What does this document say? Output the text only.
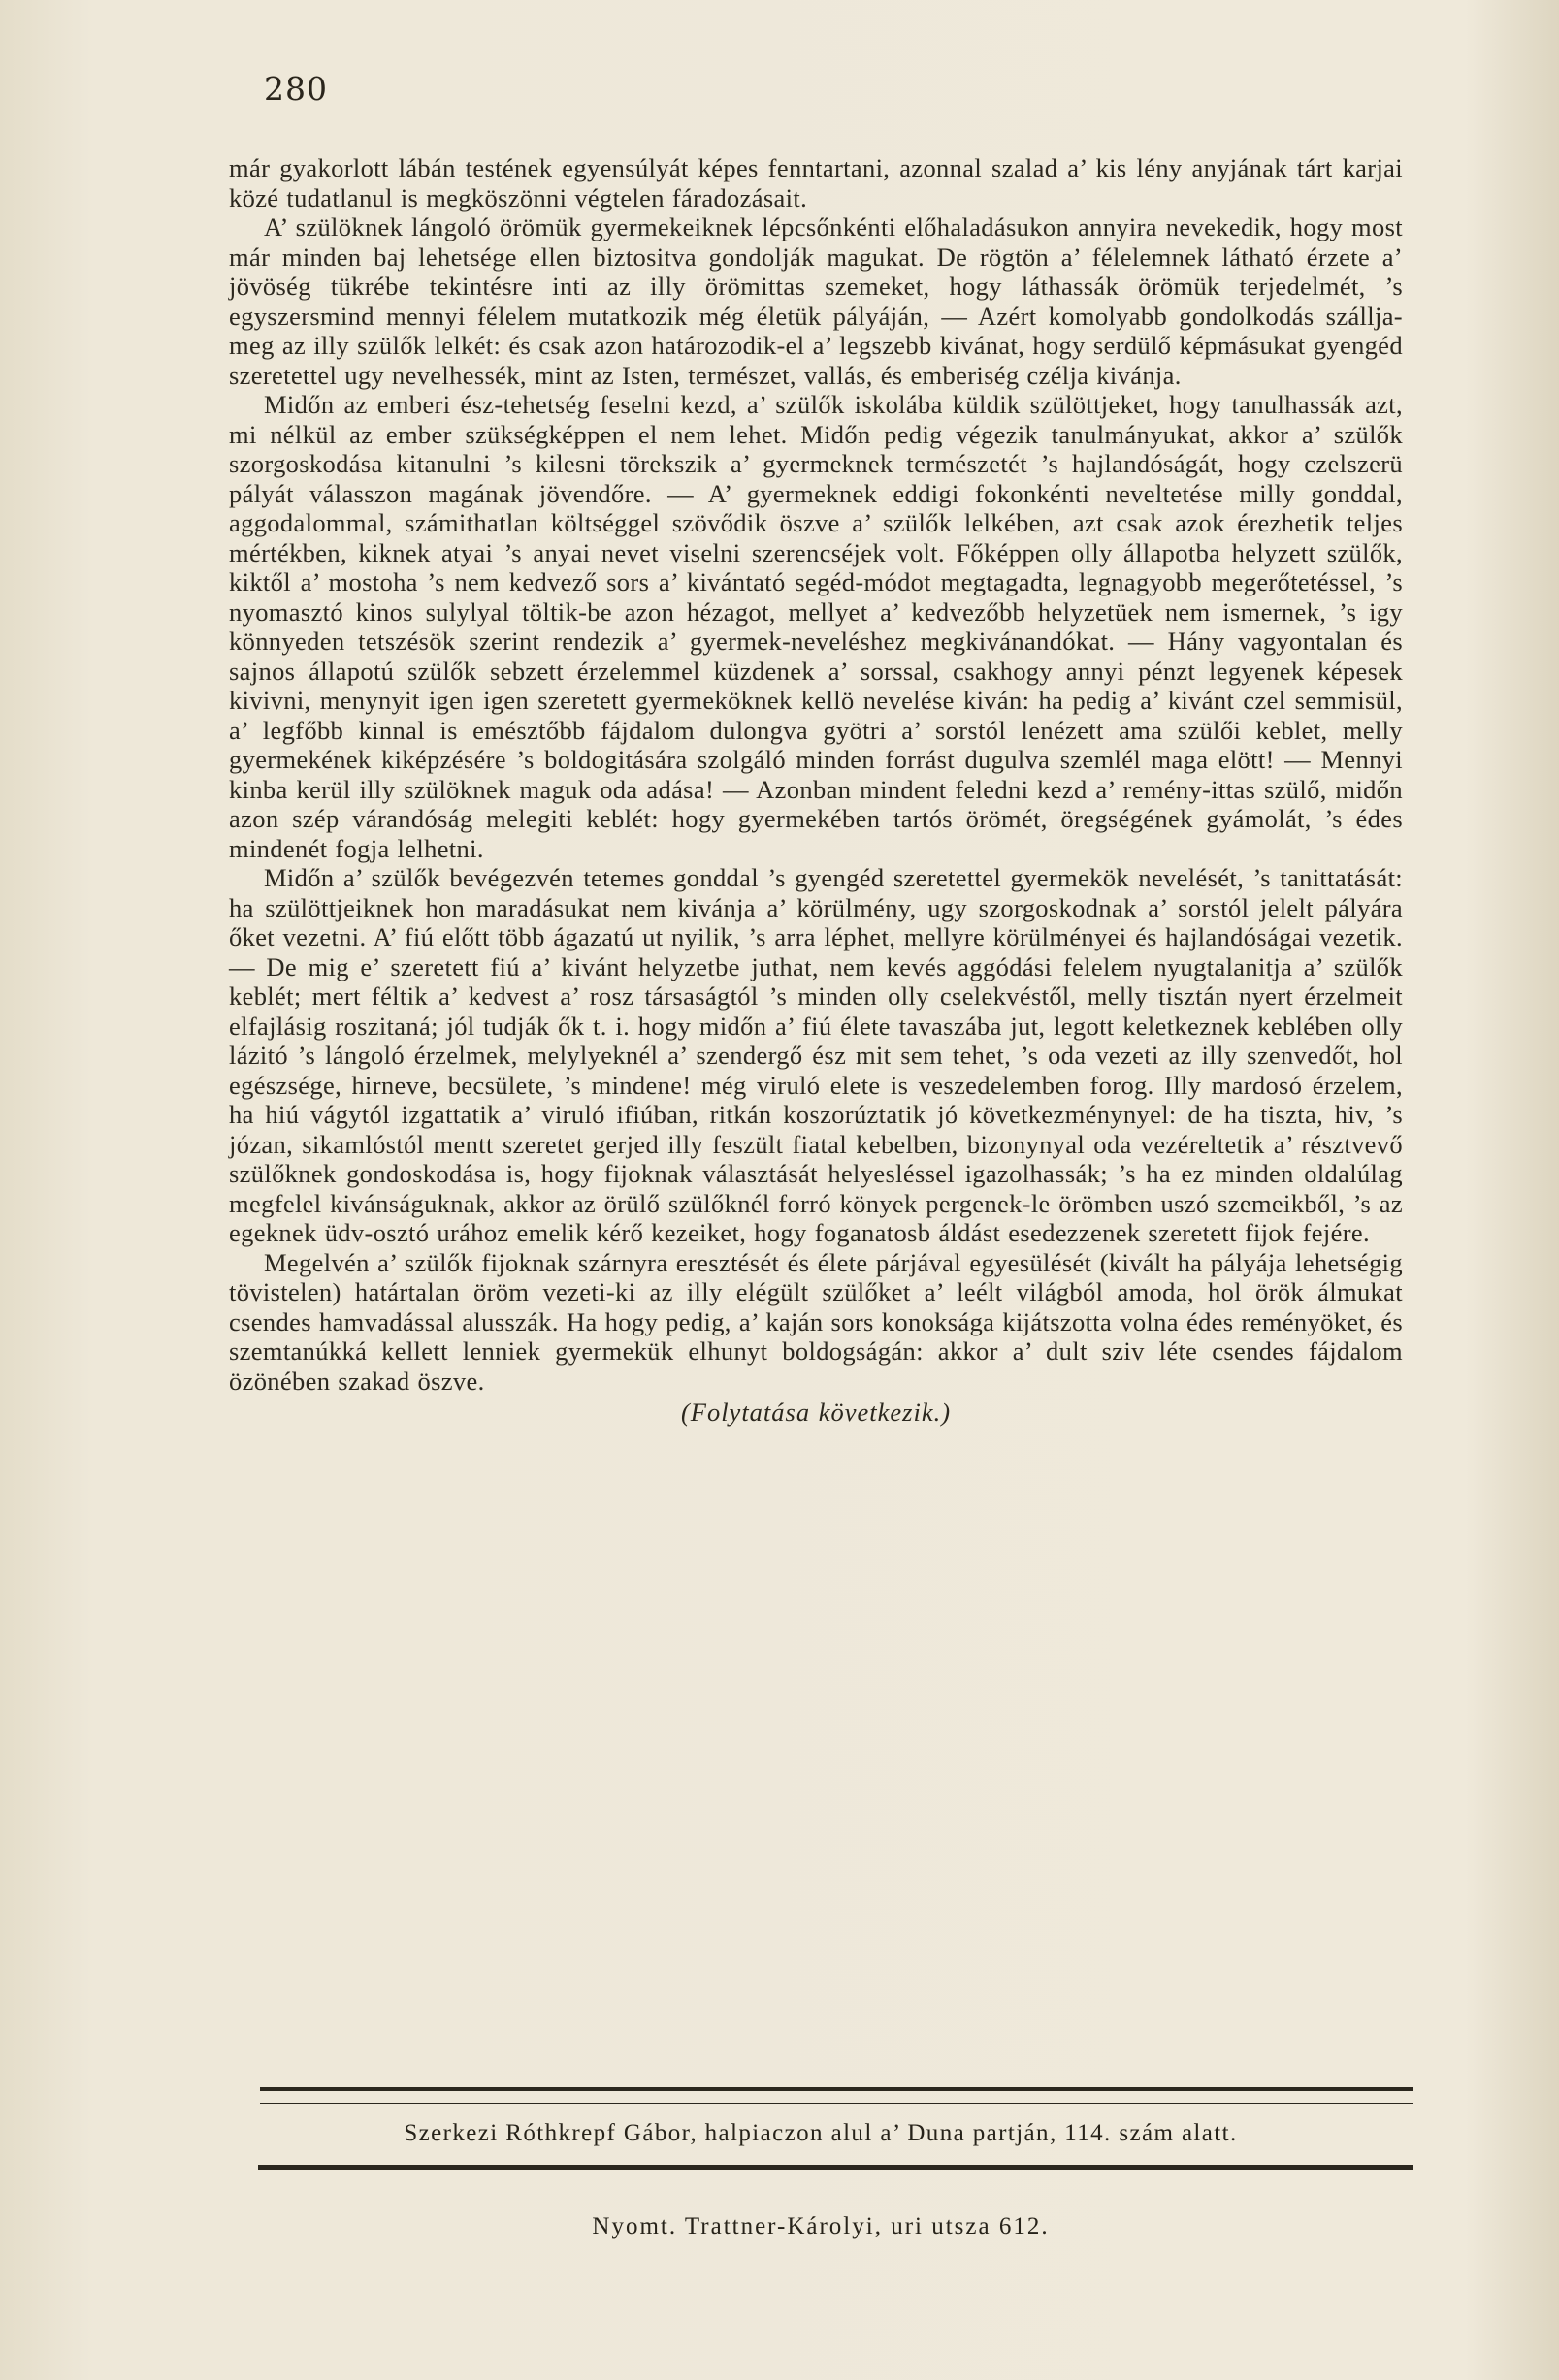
280

már gyakorlott lábán testének egyensúlyát képes fenntartani, azonnal szalad a’ kis lény anyjának tárt karjai közé tudatlanul is megköszönni végtelen fáradozásait.

A’ szülöknek lángoló örömük gyermekeiknek lépcsőnkénti előhaladásukon annyira nevekedik, hogy most már minden baj lehetsége ellen biztositva gondolják magukat. De rögtön a’ félelemnek látható érzete a’ jövöség tükrébe tekintésre inti az illy örömittas szemeket, hogy láthassák örömük terjedelmét, ’s egyszersmind mennyi félelem mutatkozik még életük pályáján, — Azért komolyabb gondolkodás szállja-meg az illy szülők lelkét: és csak azon határozodik-el a’ legszebb kivánat, hogy serdülő képmásukat gyengéd szeretettel ugy nevelhessék, mint az Isten, természet, vallás, és emberiség czélja kivánja.

Midőn az emberi ész-tehetség feselni kezd, a’ szülők iskolába küldik szülöttjeket, hogy tanulhassák azt, mi nélkül az ember szükségképpen el nem lehet. Midőn pedig végezik tanulmányukat, akkor a’ szülők szorgoskodása kitanulni ’s kilesni törekszik a’ gyermeknek természetét ’s hajlandóságát, hogy czelszerü pályát válasszon magának jövendőre. — A’ gyermeknek eddigi fokonkénti neveltetése milly gonddal, aggodalommal, számithatlan költséggel szövődik öszve a’ szülők lelkében, azt csak azok érezhetik teljes mértékben, kiknek atyai ’s anyai nevet viselni szerencséjek volt. Főképpen olly állapotba helyzett szülők, kiktől a’ mostoha ’s nem kedvező sors a’ kivántató segéd-módot megtagadta, legnagyobb megerőtetéssel, ’s nyomasztó kinos sulylyal töltik-be azon hézagot, mellyet a’ kedvezőbb helyzetüek nem ismernek, ’s igy könnyeden tetszésök szerint rendezik a’ gyermek-neveléshez megkivánandókat. — Hány vagyontalan és sajnos állapotú szülők sebzett érzelemmel küzdenek a’ sorssal, csakhogy annyi pénzt legyenek képesek kivivni, menynyit igen igen szeretett gyermeköknek kellö nevelése kiván: ha pedig a’ kivánt czel semmisül, a’ legfőbb kinnal is emésztőbb fájdalom dulongva gyötri a’ sorstól lenézett ama szülői keblet, melly gyermekének kiképzésére ’s boldogitására szolgáló minden forrást dugulva szemlél maga elött! — Mennyi kinba kerül illy szülöknek maguk oda adása! — Azonban mindent feledni kezd a’ remény-ittas szülő, midőn azon szép várandóság melegiti keblét: hogy gyermekében tartós örömét, öregségének gyámolát, ’s édes mindenét fogja lelhetni.

Midőn a’ szülők bevégezvén tetemes gonddal ’s gyengéd szeretettel gyermekök nevelését, ’s tanittatását: ha szülöttjeiknek hon maradásukat nem kivánja a’ körülmény, ugy szorgoskodnak a’ sorstól jelelt pályára őket vezetni. A’ fiú előtt több ágazatú ut nyilik, ’s arra léphet, mellyre körülményei és hajlandóságai vezetik. — De mig e’ szeretett fiú a’ kivánt helyzetbe juthat, nem kevés aggódási felelem nyugtalanitja a’ szülők keblét; mert féltik a’ kedvest a’ rosz társaságtól ’s minden olly cselekvéstől, melly tisztán nyert érzelmeit elfajlásig roszitaná; jól tudják ők t. i. hogy midőn a’ fiú élete tavaszába jut, legott keletkeznek keblében olly lázitó ’s lángoló érzelmek, melylyeknél a’ szendergő ész mit sem tehet, ’s oda vezeti az illy szenvedőt, hol egészsége, hirneve, becsülete, ’s mindene! még viruló elete is veszedelemben forog. Illy mardosó érzelem, ha hiú vágytól izgattatik a’ viruló ifiúban, ritkán koszorúztatik jó következménynyel: de ha tiszta, hiv, ’s józan, sikamlóstól mentt szeretet gerjed illy feszült fiatal kebelben, bizonynyal oda vezéreltetik a’ résztvevő szülőknek gondoskodása is, hogy fijoknak választását helyesléssel igazolhassák; ’s ha ez minden oldalúlag megfelel kivánságuknak, akkor az örülő szülőknél forró könyek pergenek-le örömben uszó szemeikből, ’s az egeknek üdv-osztó urához emelik kérő kezeiket, hogy foganatosb áldást esedezzenek szeretett fijok fejére.

Megelvén a’ szülők fijoknak szárnyra eresztését és élete párjával egyesülését (kivált ha pályája lehetségig tövistelen) határtalan öröm vezeti-ki az illy elégült szülőket a’ leélt világból amoda, hol örök álmukat csendes hamvadással alusszák. Ha hogy pedig, a’ kaján sors konoksága kijátszotta volna édes reményöket, és szemtanúkká kellett lenniek gyermekük elhunyt boldogságán: akkor a’ dult sziv léte csendes fájdalom özönében szakad öszve.

(Folytatása következik.)
Szerkezi Róthkrepf Gábor, halpiaczon alul a’ Duna partján, 114. szám alatt.
Nyomt. Trattner-Károlyi, uri utsza 612.
